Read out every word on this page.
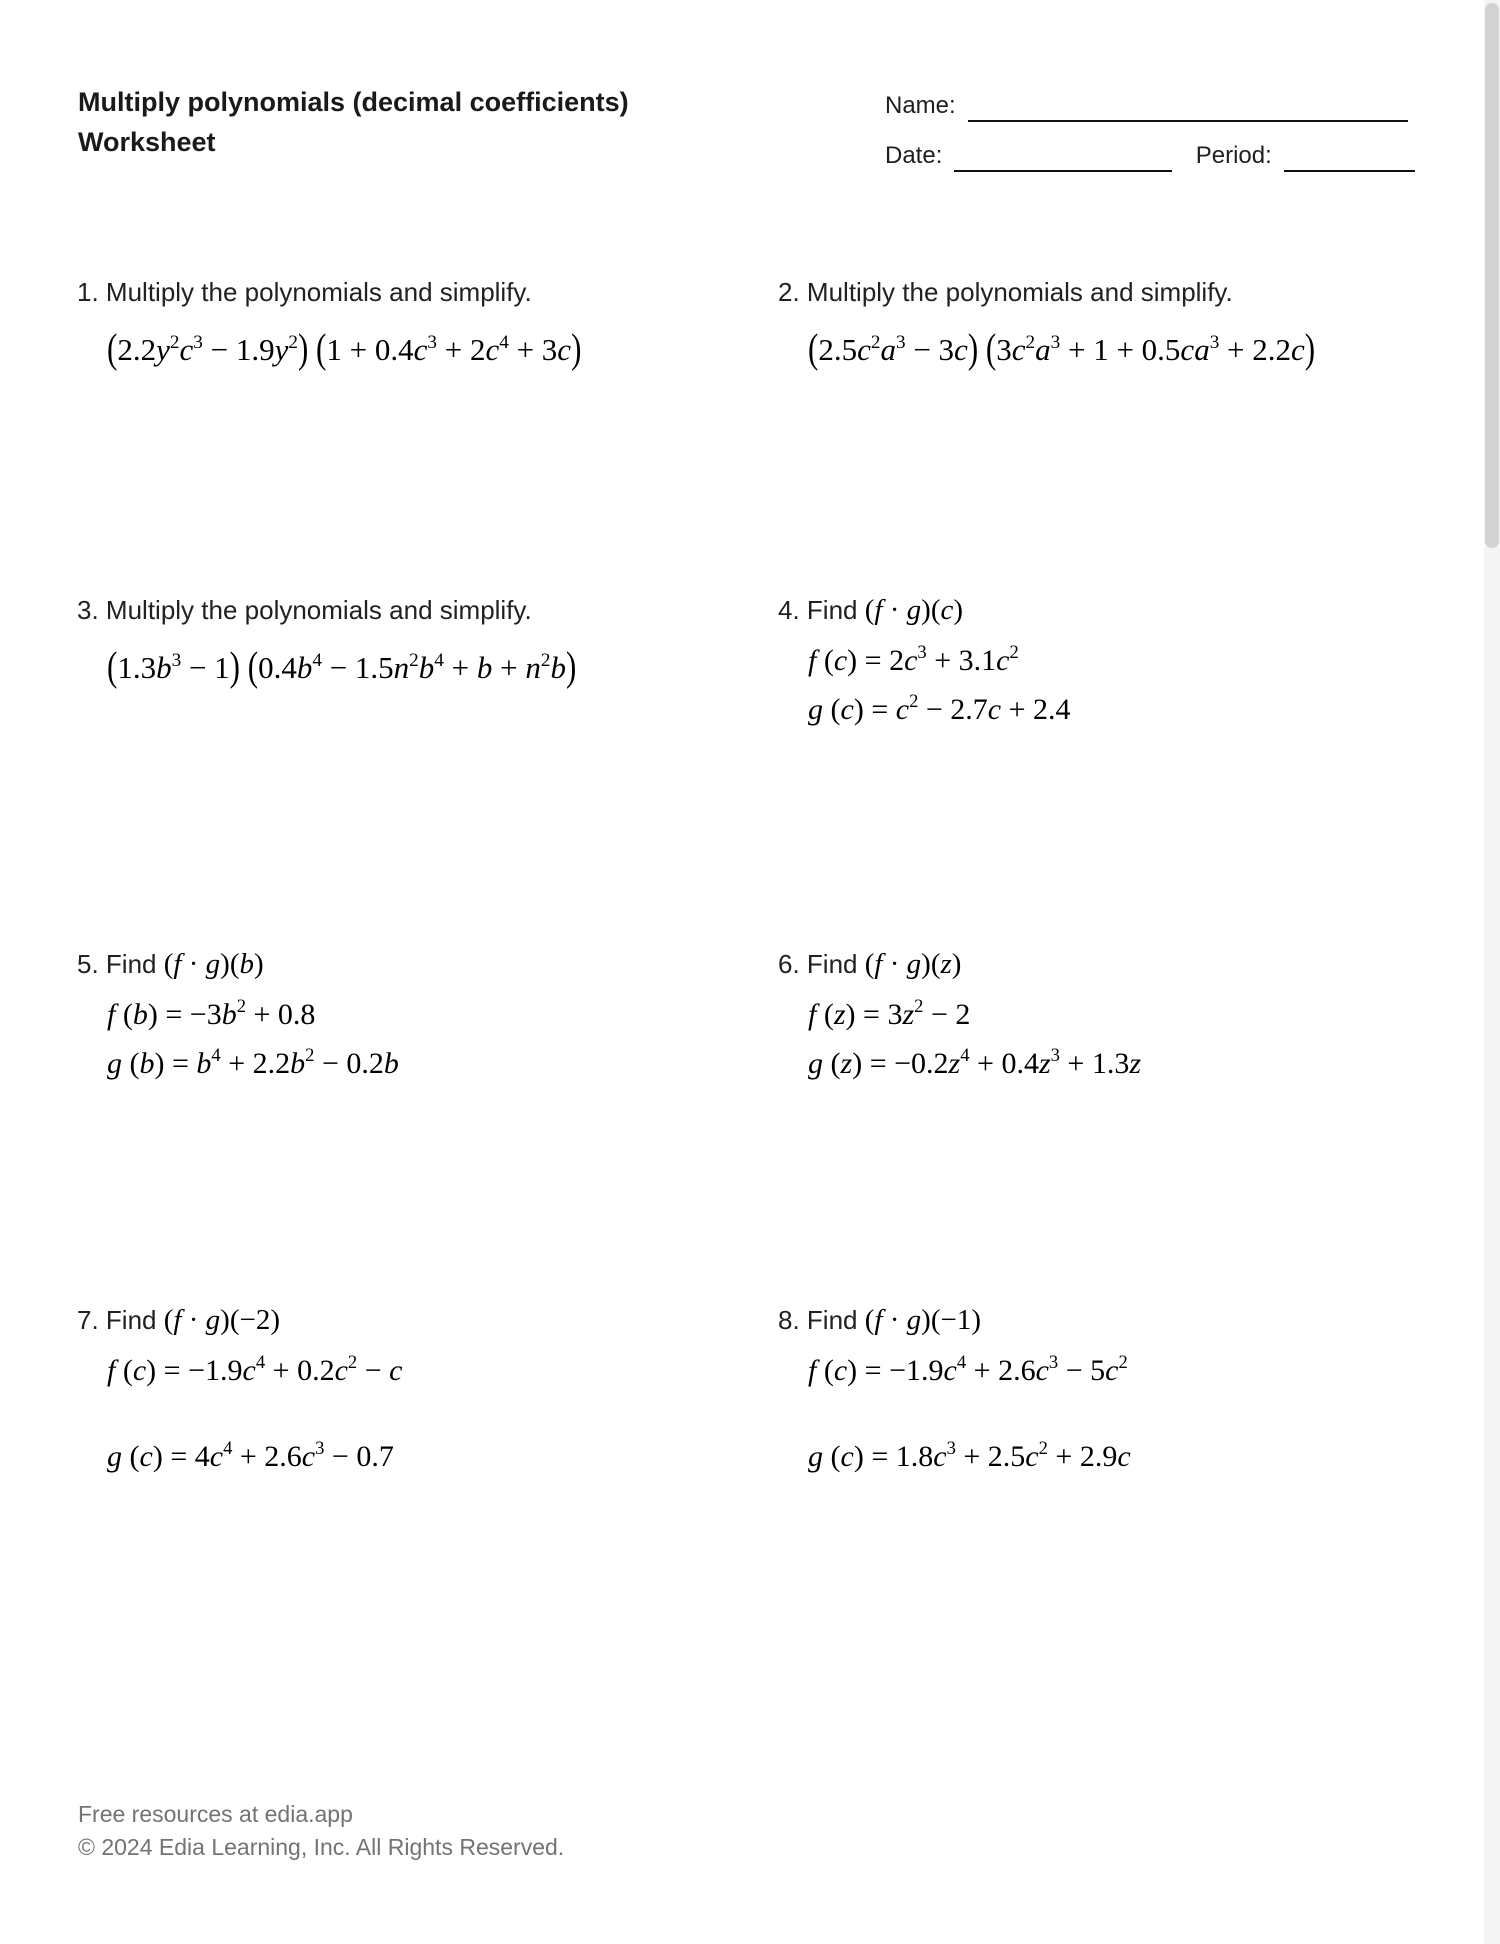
Multiply polynomials (decimal coefficients)
Worksheet
Name:
Date:	Period:
1. Multiply the polynomials and simplify.
$(2.2y^2c^3 - 1.9y^2) (1 + 0.4c^3 + 2c^4 + 3c)$
2. Multiply the polynomials and simplify.
$(2.5c^2a^3 - 3c) (3c^2a^3 + 1 + 0.5ca^3 + 2.2c)$
3. Multiply the polynomials and simplify.
$(1.3b^3 - 1) (0.4b^4 - 1.5n^2b^4 + b + n^2b)$
4. Find (f · g)(c)
f $(c) = 2c^3 + 3.1c^2$
g $(c) = c^2 - 2.7c + 2.4$
5. Find (f · g)(b)
f $(b) = -3b^2 + 0.8$
g $(b) = b^4 + 2.2b^2 - 0.2b$
6. Find (f · g)(z)
f $(z) = 3z^2 - 2$
g $(z) = -0.2z^4 + 0.4z^3 + 1.3z$
7. Find (f · g)(−2)
f $(c) = -1.9c^4 + 0.2c^2 - c$
g $(c) = 4c^4 + 2.6c^3 - 0.7$
8. Find (f · g)(−1)
f $(c) = -1.9c^4 + 2.6c^3 - 5c^2$
g $(c) = 1.8c^3 + 2.5c^2 + 2.9c$
Free resources at edia.app
© 2024 Edia Learning, Inc. All Rights Reserved.
